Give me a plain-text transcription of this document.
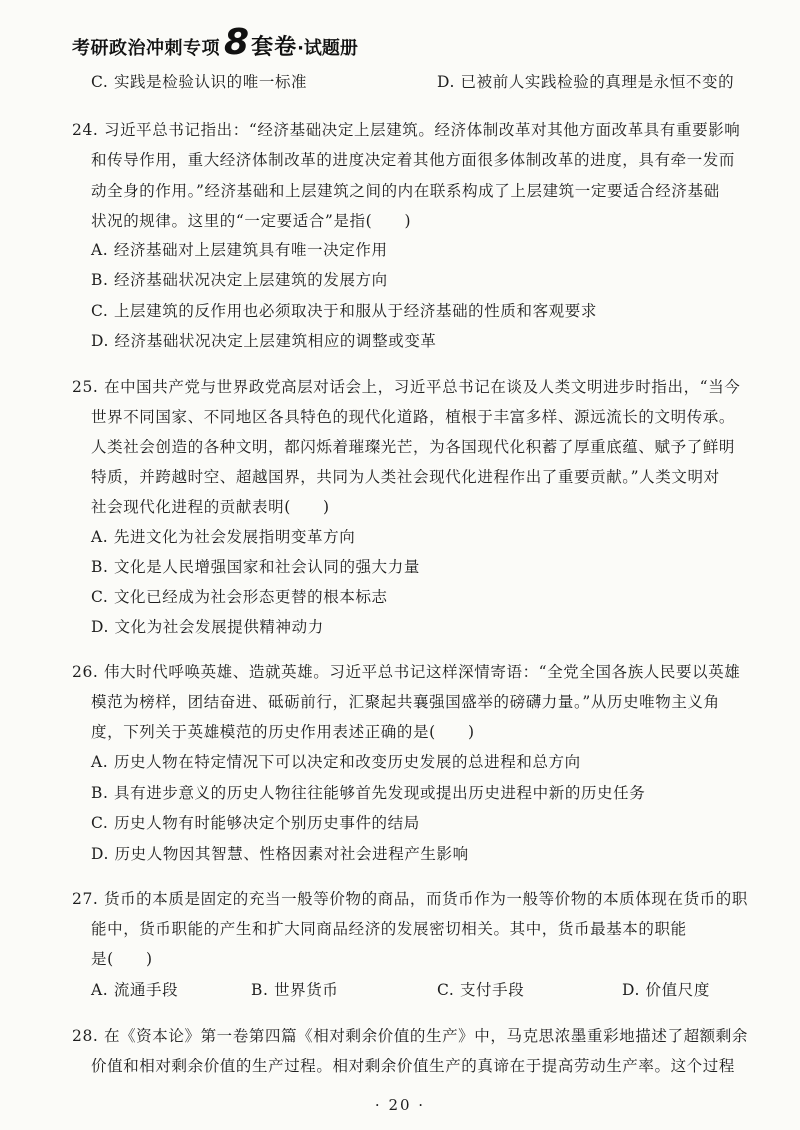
考研政治冲刺专项 8 套卷 ·试题册
C. 实践是检验认识的唯一标准	D. 已被前人实践检验的真理是永恒不变的
24. 习近平总书记指出：“经济基础决定上层建筑。经济体制改革对其他方面改革具有重要影响
和传导作用，重大经济体制改革的进度决定着其他方面很多体制改革的进度，具有牵一发而
动全身的作用。”经济基础和上层建筑之间的内在联系构成了上层建筑一定要适合经济基础
状况的规律。这里的“一定要适合”是指(　　)
A. 经济基础对上层建筑具有唯一决定作用
B. 经济基础状况决定上层建筑的发展方向
C. 上层建筑的反作用也必须取决于和服从于经济基础的性质和客观要求
D. 经济基础状况决定上层建筑相应的调整或变革
25. 在中国共产党与世界政党高层对话会上，习近平总书记在谈及人类文明进步时指出，“当今
世界不同国家、不同地区各具特色的现代化道路，植根于丰富多样、源远流长的文明传承。
人类社会创造的各种文明，都闪烁着璀璨光芒，为各国现代化积蓄了厚重底蕴、赋予了鲜明
特质，并跨越时空、超越国界，共同为人类社会现代化进程作出了重要贡献。”人类文明对
社会现代化进程的贡献表明(　　)
A. 先进文化为社会发展指明变革方向
B. 文化是人民增强国家和社会认同的强大力量
C. 文化已经成为社会形态更替的根本标志
D. 文化为社会发展提供精神动力
26. 伟大时代呼唤英雄、造就英雄。习近平总书记这样深情寄语：“全党全国各族人民要以英雄
模范为榜样，团结奋进、砥砺前行，汇聚起共襄强国盛举的磅礴力量。”从历史唯物主义角
度，下列关于英雄模范的历史作用表述正确的是(　　)
A. 历史人物在特定情况下可以决定和改变历史发展的总进程和总方向
B. 具有进步意义的历史人物往往能够首先发现或提出历史进程中新的历史任务
C. 历史人物有时能够决定个别历史事件的结局
D. 历史人物因其智慧、性格因素对社会进程产生影响
27. 货币的本质是固定的充当一般等价物的商品，而货币作为一般等价物的本质体现在货币的职
能中，货币职能的产生和扩大同商品经济的发展密切相关。其中，货币最基本的职能
是(　　)
A. 流通手段	B. 世界货币	C. 支付手段	D. 价值尺度
28. 在《资本论》第一卷第四篇《相对剩余价值的生产》中，马克思浓墨重彩地描述了超额剩余
价值和相对剩余价值的生产过程。相对剩余价值生产的真谛在于提高劳动生产率。这个过程
· 20 ·
